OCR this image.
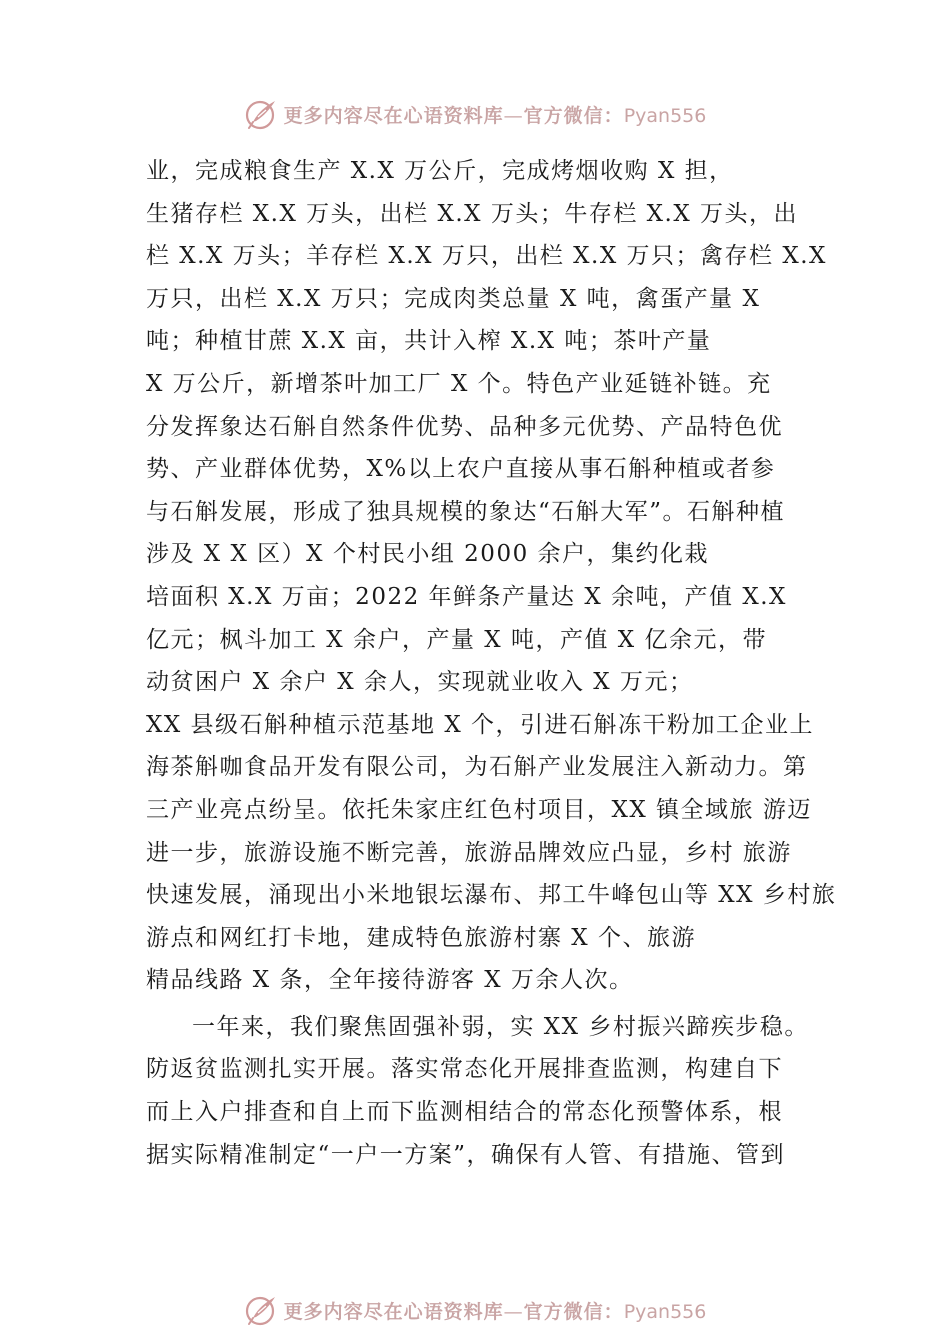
更多内容尽在心语资料库—官方微信：Pyan556
业，完成粮食生产 X.X 万公斤，完成烤烟收购 X 担，
生猪存栏 X.X 万头，出栏 X.X 万头；牛存栏 X.X 万头，出
栏 X.X 万头；羊存栏 X.X 万只，出栏 X.X 万只；禽存栏 X.X
万只，出栏 X.X 万只；完成肉类总量 X 吨，禽蛋产量 X
吨；种植甘蔗 X.X 亩，共计入榨 X.X 吨；茶叶产量
X 万公斤，新增茶叶加工厂 X 个。特色产业延链补链。充
分发挥象达石斛自然条件优势、品种多元优势、产品特色优
势、产业群体优势，X%以上农户直接从事石斛种植或者参
与石斛发展，形成了独具规模的象达“石斛大军”。石斛种植
涉及 X X 区）X 个村民小组 2000 余户，集约化栽
培面积 X.X 万亩；2022 年鲜条产量达 X 余吨，产值 X.X
亿元；枫斗加工 X 余户，产量 X 吨，产值 X 亿余元，带
动贫困户 X 余户 X 余人，实现就业收入 X 万元；
XX 县级石斛种植示范基地 X 个，引进石斛冻干粉加工企业上
海茶斛咖食品开发有限公司，为石斛产业发展注入新动力。第
三产业亮点纷呈。依托朱家庄红色村项目，XX 镇全域旅 游迈
进一步，旅游设施不断完善，旅游品牌效应凸显，乡村 旅游
快速发展，涌现出小米地银坛瀑布、邦工牛峰包山等 XX 乡村旅
游点和网红打卡地，建成特色旅游村寨 X 个、旅游
精品线路 X 条，全年接待游客 X 万余人次。
一年来，我们聚焦固强补弱，实 XX 乡村振兴蹄疾步稳。
防返贫监测扎实开展。落实常态化开展排查监测，构建自下
而上入户排查和自上而下监测相结合的常态化预警体系，根
据实际精准制定“一户一方案”，确保有人管、有措施、管到
更多内容尽在心语资料库—官方微信：Pyan556
